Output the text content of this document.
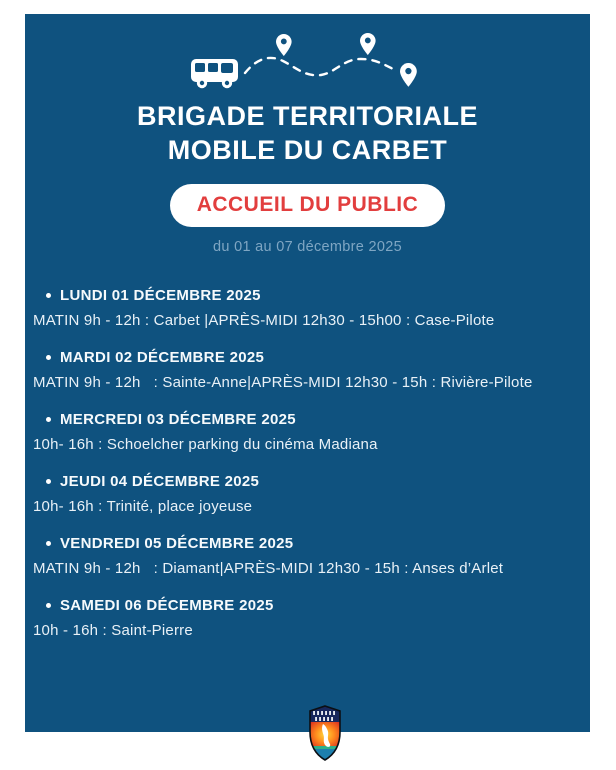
BRIGADE TERRITORIALE
MOBILE DU CARBET
ACCUEIL DU PUBLIC
du 01 au 07 décembre 2025
LUNDI 01 DÉCEMBRE 2025
MATIN 9h - 12h : Carbet |APRÈS-MIDI 12h30 - 15h00 : Case-Pilote
MARDI 02 DÉCEMBRE 2025
MATIN 9h - 12h   : Sainte-Anne|APRÈS-MIDI 12h30 - 15h : Rivière-Pilote
MERCREDI 03 DÉCEMBRE 2025
10h- 16h : Schoelcher parking du cinéma Madiana
JEUDI 04 DÉCEMBRE 2025
10h- 16h : Trinité, place joyeuse
VENDREDI 05 DÉCEMBRE 2025
MATIN 9h - 12h   : Diamant|APRÈS-MIDI 12h30 - 15h : Anses d’Arlet
SAMEDI 06 DÉCEMBRE 2025
10h - 16h : Saint-Pierre
